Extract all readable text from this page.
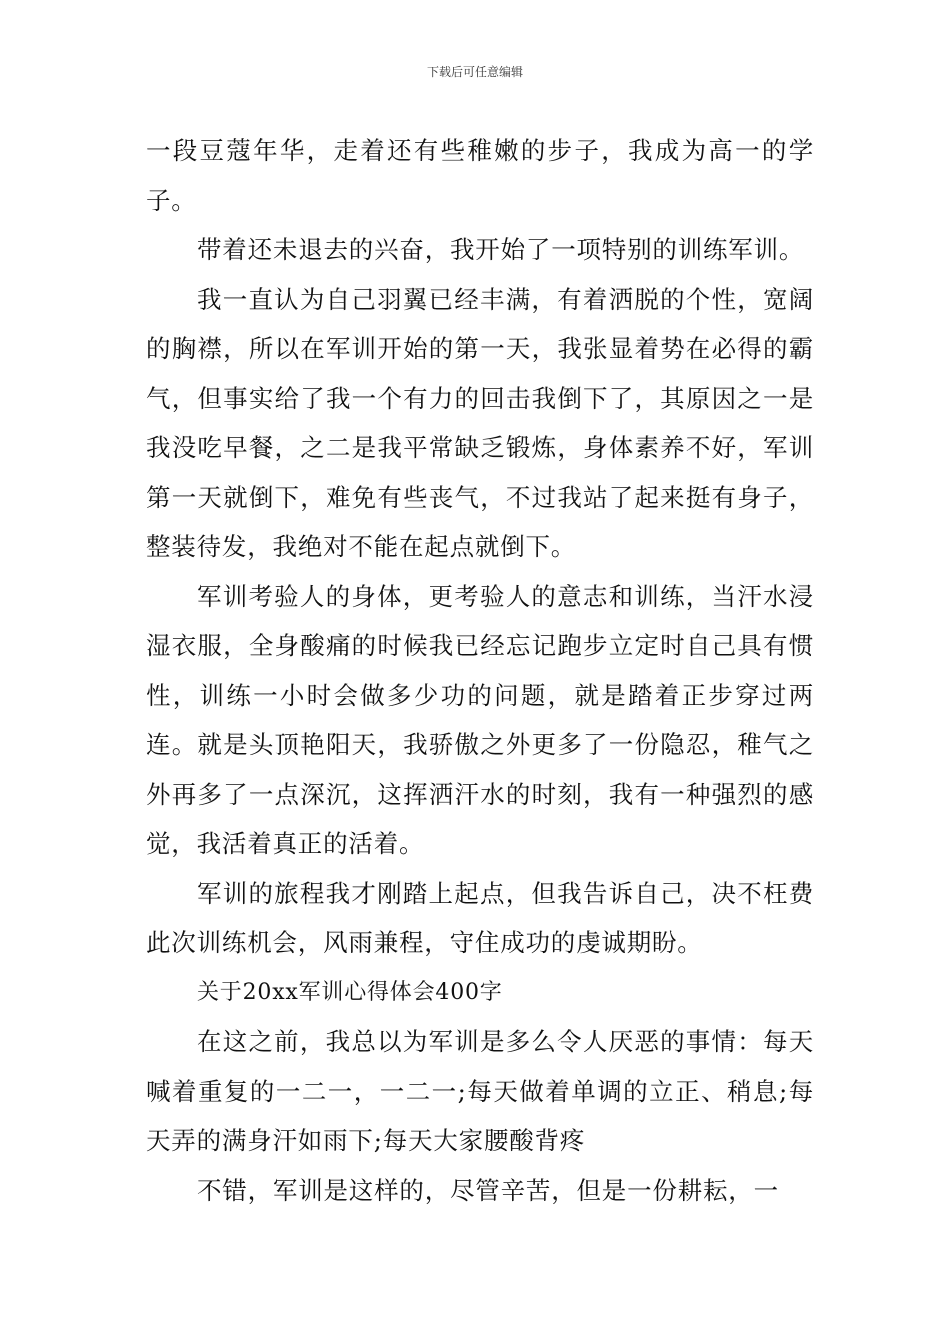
下载后可任意编辑

一段豆蔻年华，走着还有些稚嫩的步子，我成为高一的学子。

带着还未退去的兴奋，我开始了一项特别的训练军训。

我一直认为自己羽翼已经丰满，有着洒脱的个性，宽阔的胸襟，所以在军训开始的第一天，我张显着势在必得的霸气，但事实给了我一个有力的回击我倒下了，其原因之一是我没吃早餐，之二是我平常缺乏锻炼，身体素养不好，军训第一天就倒下，难免有些丧气，不过我站了起来挺有身子，整装待发，我绝对不能在起点就倒下。

军训考验人的身体，更考验人的意志和训练，当汗水浸湿衣服，全身酸痛的时候我已经忘记跑步立定时自己具有惯性，训练一小时会做多少功的问题，就是踏着正步穿过两连。就是头顶艳阳天，我骄傲之外更多了一份隐忍，稚气之外再多了一点深沉，这挥洒汗水的时刻，我有一种强烈的感觉，我活着真正的活着。

军训的旅程我才刚踏上起点，但我告诉自己，决不枉费此次训练机会，风雨兼程，守住成功的虔诚期盼。

关于20xx军训心得体会400字

在这之前，我总以为军训是多么令人厌恶的事情：每天喊着重复的一二一，一二一;每天做着单调的立正、稍息;每天弄的满身汗如雨下;每天大家腰酸背疼

不错，军训是这样的，尽管辛苦，但是一份耕耘，一
